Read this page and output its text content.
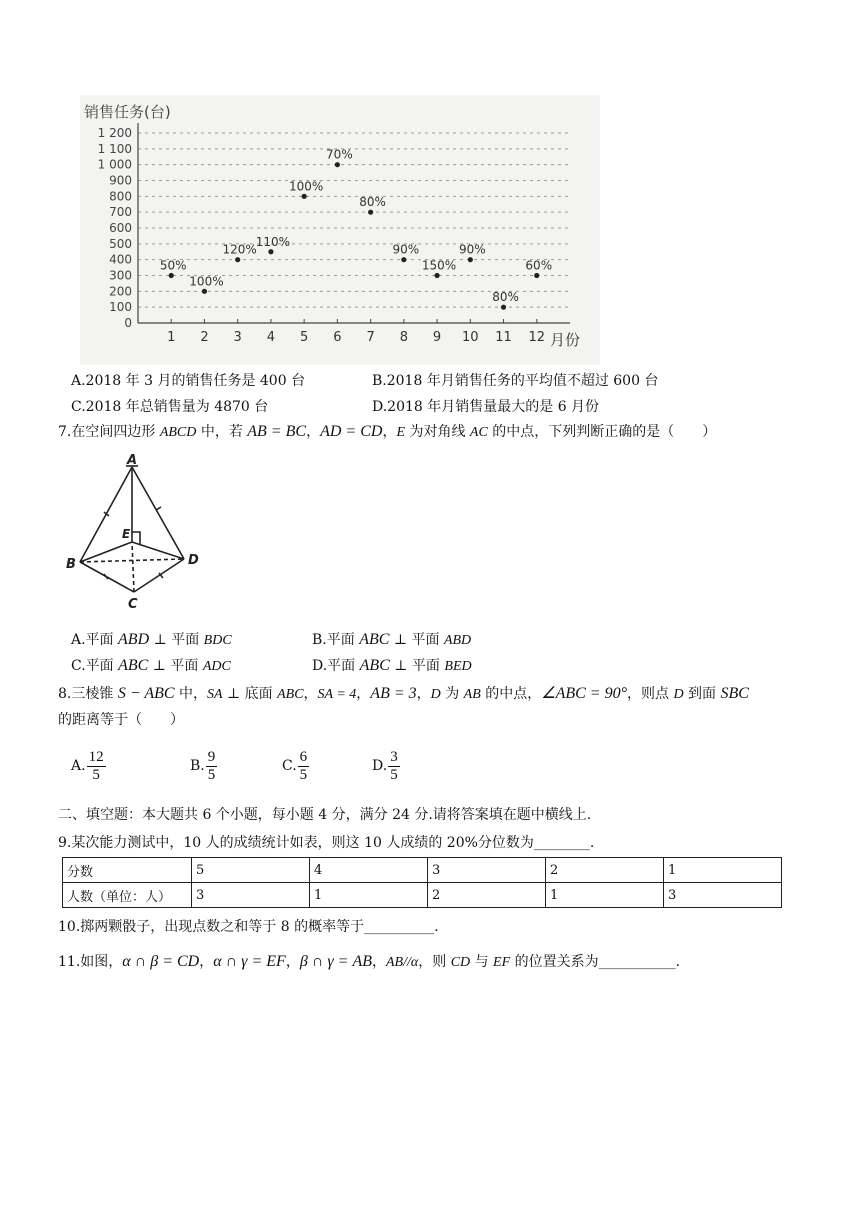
销售任务(台)
月份
0
100
200
300
400
500
600
700
800
900
1 000
1 100
1 200
1 2 3 4 5 6 7 8 9 10 11 12
50%
100%
120%
110%
100%
70%
80%
90%
150%
90%
80%
60%
A.2018 年 3 月的销售任务是 400 台	B.2018 年月销售任务的平均值不超过 600 台
C.2018 年总销售量为 4870 台	D.2018 年月销售量最大的是 6 月份
7.在空间四边形 ABCD 中，若 AB = BC，AD = CD，E 为对角线 AC 的中点，下列判断正确的是（　　）
A
B
C
D
E
A.平面 ABD ⊥ 平面 BDC	B.平面 ABC ⊥ 平面 ABD
C.平面 ABC ⊥ 平面 ADC	D.平面 ABC ⊥ 平面 BED
8.三棱锥 S − ABC 中，SA ⊥ 底面 ABC，SA = 4，AB = 3，D 为 AB 的中点，∠ABC = 90°，则点 D 到面 SBC
的距离等于（　　）
A. $\frac{12}{5}$	B. $\frac{9}{5}$	C. $\frac{6}{5}$	D. $\frac{3}{5}$
二、填空题：本大题共 6 个小题，每小题 4 分，满分 24 分.请将答案填在题中横线上.
9.某次能力测试中，10 人的成绩统计如表，则这 10 人成绩的 20%分位数为________.
分数	5	4	3	2	1
人数（单位：人）	3	1	2	1	3
10.掷两颗骰子，出现点数之和等于 8 的概率等于__________.
11.如图，α ∩ β = CD，α ∩ γ = EF，β ∩ γ = AB，AB//α，则 CD 与 EF 的位置关系为___________.
